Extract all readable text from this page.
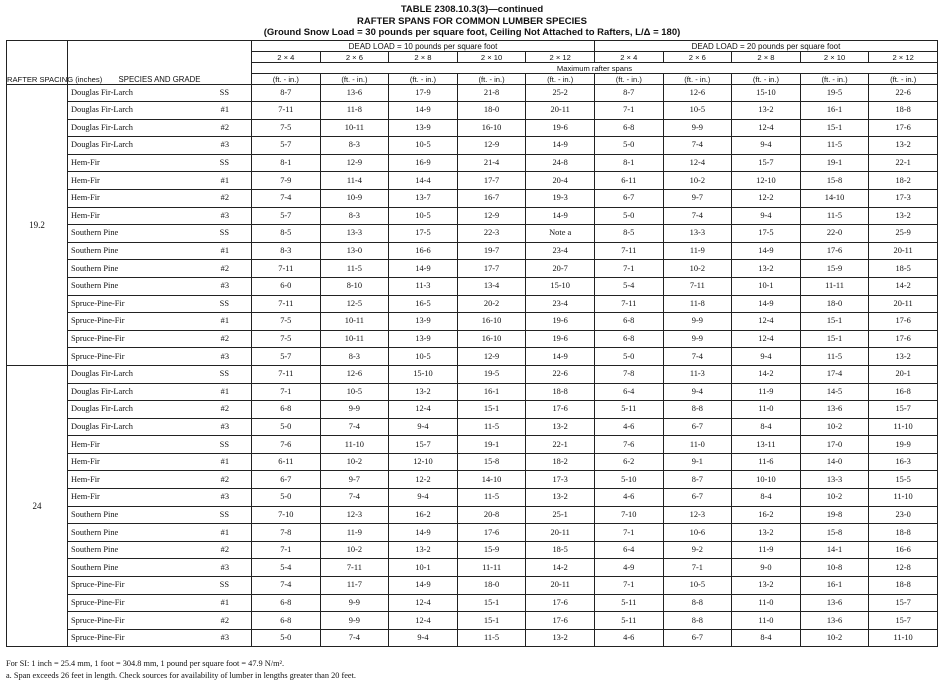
TABLE 2308.10.3(3)—continued
RAFTER SPANS FOR COMMON LUMBER SPECIES
(Ground Snow Load = 30 pounds per square foot, Ceiling Not Attached to Rafters, L/Δ = 180)
RAFTER SPACING (inches)	SPECIES AND GRADE	DEAD LOAD = 10 pounds per square foot					DEAD LOAD = 20 pounds per square foot				
		2 × 4	2 × 6	2 × 8	2 × 10	2 × 12	2 × 4	2 × 6	2 × 8	2 × 10	2 × 12
		Maximum rafter spans									
		(ft. - in.)	(ft. - in.)	(ft. - in.)	(ft. - in.)	(ft. - in.)	(ft. - in.)	(ft. - in.)	(ft. - in.)	(ft. - in.)	(ft. - in.)
19.2	Douglas Fir-Larch SS	8-7	13-6	17-9	21-8	25-2	8-7	12-6	15-10	19-5	22-6

	Douglas Fir-Larch #1	7-11	11-8	14-9	18-0	20-11	7-1	10-5	13-2	16-1	18-8

	Douglas Fir-Larch #2	7-5	10-11	13-9	16-10	19-6	6-8	9-9	12-4	15-1	17-6

	Douglas Fir-Larch #3	5-7	8-3	10-5	12-9	14-9	5-0	7-4	9-4	11-5	13-2

	Hem-Fir SS	8-1	12-9	16-9	21-4	24-8	8-1	12-4	15-7	19-1	22-1

	Hem-Fir #1	7-9	11-4	14-4	17-7	20-4	6-11	10-2	12-10	15-8	18-2

	Hem-Fir #2	7-4	10-9	13-7	16-7	19-3	6-7	9-7	12-2	14-10	17-3

	Hem-Fir #3	5-7	8-3	10-5	12-9	14-9	5-0	7-4	9-4	11-5	13-2

	Southern Pine SS	8-5	13-3	17-5	22-3	Note a	8-5	13-3	17-5	22-0	25-9

	Southern Pine #1	8-3	13-0	16-6	19-7	23-4	7-11	11-9	14-9	17-6	20-11

	Southern Pine #2	7-11	11-5	14-9	17-7	20-7	7-1	10-2	13-2	15-9	18-5

	Southern Pine #3	6-0	8-10	11-3	13-4	15-10	5-4	7-11	10-1	11-11	14-2

	Spruce-Pine-Fir SS	7-11	12-5	16-5	20-2	23-4	7-11	11-8	14-9	18-0	20-11

	Spruce-Pine-Fir #1	7-5	10-11	13-9	16-10	19-6	6-8	9-9	12-4	15-1	17-6

	Spruce-Pine-Fir #2	7-5	10-11	13-9	16-10	19-6	6-8	9-9	12-4	15-1	17-6

	Spruce-Pine-Fir #3	5-7	8-3	10-5	12-9	14-9	5-0	7-4	9-4	11-5	13-2
24	Douglas Fir-Larch SS	7-11	12-6	15-10	19-5	22-6	7-8	11-3	14-2	17-4	20-1

	Douglas Fir-Larch #1	7-1	10-5	13-2	16-1	18-8	6-4	9-4	11-9	14-5	16-8

	Douglas Fir-Larch #2	6-8	9-9	12-4	15-1	17-6	5-11	8-8	11-0	13-6	15-7

	Douglas Fir-Larch #3	5-0	7-4	9-4	11-5	13-2	4-6	6-7	8-4	10-2	11-10

	Hem-Fir SS	7-6	11-10	15-7	19-1	22-1	7-6	11-0	13-11	17-0	19-9

	Hem-Fir #1	6-11	10-2	12-10	15-8	18-2	6-2	9-1	11-6	14-0	16-3

	Hem-Fir #2	6-7	9-7	12-2	14-10	17-3	5-10	8-7	10-10	13-3	15-5

	Hem-Fir #3	5-0	7-4	9-4	11-5	13-2	4-6	6-7	8-4	10-2	11-10

	Southern Pine SS	7-10	12-3	16-2	20-8	25-1	7-10	12-3	16-2	19-8	23-0

	Southern Pine #1	7-8	11-9	14-9	17-6	20-11	7-1	10-6	13-2	15-8	18-8

	Southern Pine #2	7-1	10-2	13-2	15-9	18-5	6-4	9-2	11-9	14-1	16-6

	Southern Pine #3	5-4	7-11	10-1	11-11	14-2	4-9	7-1	9-0	10-8	12-8

	Spruce-Pine-Fir SS	7-4	11-7	14-9	18-0	20-11	7-1	10-5	13-2	16-1	18-8

	Spruce-Pine-Fir #1	6-8	9-9	12-4	15-1	17-6	5-11	8-8	11-0	13-6	15-7

	Spruce-Pine-Fir #2	6-8	9-9	12-4	15-1	17-6	5-11	8-8	11-0	13-6	15-7

	Spruce-Pine-Fir #3	5-0	7-4	9-4	11-5	13-2	4-6	6-7	8-4	10-2	11-10
For SI: 1 inch = 25.4 mm, 1 foot = 304.8 mm, 1 pound per square foot = 47.9 N/m².
a. Span exceeds 26 feet in length. Check sources for availability of lumber in lengths greater than 20 feet.
